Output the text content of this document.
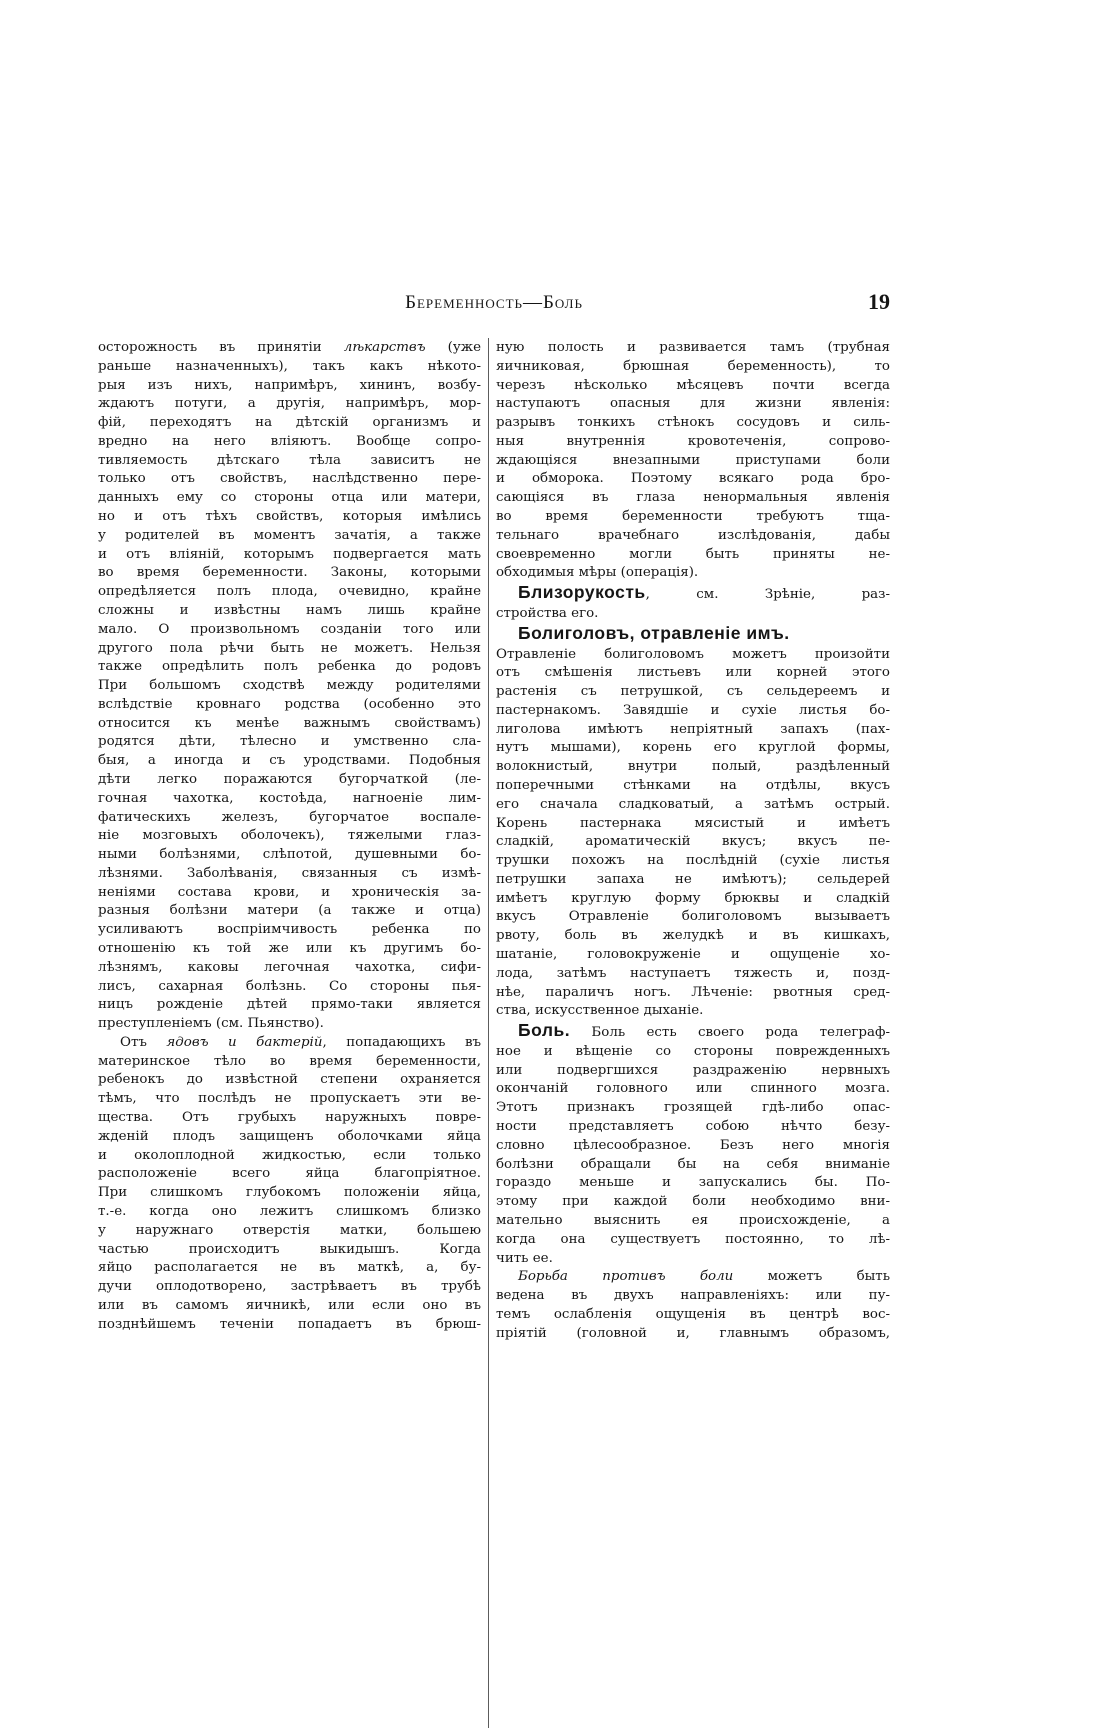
Беременность—Боль	19
осторожность въ принятіи лѣкарствъ (уже
раньше назначенныхъ), такъ какъ нѣкото-
рыя изъ нихъ, напримѣръ, хининъ, возбу-
ждаютъ потуги, а другія, напримѣръ, мор-
фій, переходятъ на дѣтскій организмъ и
вредно на него вліяютъ. Вообще сопро-
тивляемость дѣтскаго тѣла зависитъ не
только отъ свойствъ, наслѣдственно пере-
данныхъ ему со стороны отца или матери,
но и отъ тѣхъ свойствъ, которыя имѣлись
у родителей въ моментъ зачатія, а также
и отъ вліяній, которымъ подвергается мать
во время беременности. Законы, которыми
опредѣляется полъ плода, очевидно, крайне
сложны и извѣстны намъ лишь крайне
мало. О произвольномъ созданіи того или
другого пола рѣчи быть не можетъ. Нельзя
также опредѣлить полъ ребенка до родовъ
При большомъ сходствѣ между родителями
вслѣдствіе кровнаго родства (особенно это
относится къ менѣе важнымъ свойствамъ)
родятся дѣти, тѣлесно и умственно сла-
быя, а иногда и съ уродствами. Подобныя
дѣти легко поражаются бугорчаткой (ле-
гочная чахотка, костоѣда, нагноеніе лим-
фатическихъ железъ, бугорчатое воспале-
ніе мозговыхъ оболочекъ), тяжелыми глаз-
ными болѣзнями, слѣпотой, душевными бо-
лѣзнями. Заболѣванія, связанныя съ измѣ-
неніями состава крови, и хроническія за-
разныя болѣзни матери (а также и отца)
усиливаютъ воспріимчивость ребенка по
отношенію къ той же или къ другимъ бо-
лѣзнямъ, каковы легочная чахотка, сифи-
лисъ, сахарная болѣзнь. Со стороны пья-
ницъ рожденіе дѣтей прямо-таки является
преступленіемъ (см. Пьянство).
Отъ ядовъ и бактерій, попадающихъ въ
материнское тѣло во время беременности,
ребенокъ до извѣстной степени охраняется
тѣмъ, что послѣдъ не пропускаетъ эти ве-
щества. Отъ грубыхъ наружныхъ повре-
жденій плодъ защищенъ оболочками яйца
и околоплодной жидкостью, если только
расположеніе всего яйца благопріятное.
При слишкомъ глубокомъ положеніи яйца,
т.-е. когда оно лежитъ слишкомъ близко
у наружнаго отверстія матки, большею
частью происходитъ выкидышъ. Когда
яйцо располагается не въ маткѣ, а, бу-
дучи оплодотворено, застрѣваетъ въ трубѣ
или въ самомъ яичникѣ, или если оно въ
позднѣйшемъ теченіи попадаетъ въ брюш-
ную полость и развивается тамъ (трубная
яичниковая, брюшная беременность), то
черезъ нѣсколько мѣсяцевъ почти всегда
наступаютъ опасныя для жизни явленія:
разрывъ тонкихъ стѣнокъ сосудовъ и силь-
ныя внутреннія кровотеченія, сопрово-
ждающіяся внезапными приступами боли
и обморока. Поэтому всякаго рода бро-
сающіяся въ глаза ненормальныя явленія
во время беременности требуютъ тща-
тельнаго врачебнаго изслѣдованія, дабы
своевременно могли быть приняты не-
обходимыя мѣры (операція).
Близорукость, см. Зрѣніе, раз-
стройства его.
Болиголовъ, отравленіе имъ.
Отравленіе болиголовомъ можетъ произойти
отъ смѣшенія листьевъ или корней этого
растенія съ петрушкой, съ сельдереемъ и
пастернакомъ. Завядшіе и сухіе листья бо-
лиголова имѣютъ непріятный запахъ (пах-
нутъ мышами), корень его круглой формы,
волокнистый, внутри полый, раздѣленный
поперечными стѣнками на отдѣлы, вкусъ
его сначала сладковатый, а затѣмъ острый.
Корень пастернака мясистый и имѣетъ
сладкій, ароматическій вкусъ; вкусъ пе-
трушки похожъ на послѣдній (сухіе листья
петрушки запаха не имѣютъ); сельдерей
имѣетъ круглую форму брюквы и сладкій
вкусъ Отравленіе болиголовомъ вызываетъ
рвоту, боль въ желудкѣ и въ кишкахъ,
шатаніе, головокруженіе и ощущеніе хо-
лода, затѣмъ наступаетъ тяжесть и, позд-
нѣе, параличъ ногъ. Лѣченіе: рвотныя сред-
ства, искусственное дыханіе.
Боль. Боль есть своего рода телеграф-
ное и вѣщеніе со стороны поврежденныхъ
или подвергшихся раздраженію нервныхъ
окончаній головного или спинного мозга.
Этотъ признакъ грозящей гдѣ-либо опас-
ности представляетъ собою нѣчто безу-
словно цѣлесообразное. Безъ него многія
болѣзни обращали бы на себя вниманіе
гораздо меньше и запускались бы. По-
этому при каждой боли необходимо вни-
мательно выяснить ея происхожденіе, а
когда она существуетъ постоянно, то лѣ-
чить ее.
Борьба противъ боли можетъ быть
ведена въ двухъ направленіяхъ: или пу-
темъ ослабленія ощущенія въ центрѣ вос-
пріятій (головной и, главнымъ образомъ,
